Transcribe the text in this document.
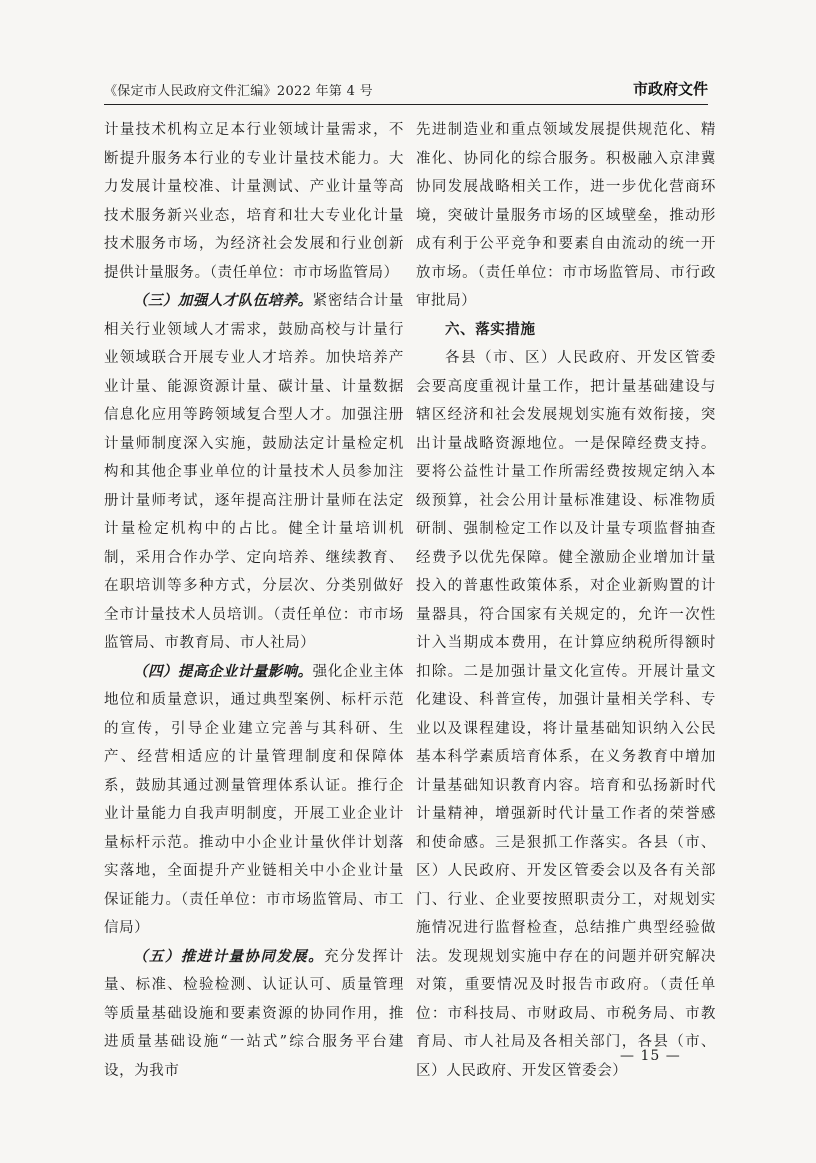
《保定市人民政府文件汇编》2022 年第 4 号	市政府文件

计量技术机构立足本行业领域计量需求，不断提升服务本行业的专业计量技术能力。大力发展计量校准、计量测试、产业计量等高技术服务新兴业态，培育和壮大专业化计量技术服务市场，为经济社会发展和行业创新提供计量服务。（责任单位：市市场监管局）

（三）加强人才队伍培养。紧密结合计量相关行业领域人才需求，鼓励高校与计量行业领域联合开展专业人才培养。加快培养产业计量、能源资源计量、碳计量、计量数据信息化应用等跨领域复合型人才。加强注册计量师制度深入实施，鼓励法定计量检定机构和其他企事业单位的计量技术人员参加注册计量师考试，逐年提高注册计量师在法定计量检定机构中的占比。健全计量培训机制，采用合作办学、定向培养、继续教育、在职培训等多种方式，分层次、分类别做好全市计量技术人员培训。（责任单位：市市场监管局、市教育局、市人社局）

（四）提高企业计量影响。强化企业主体地位和质量意识，通过典型案例、标杆示范的宣传，引导企业建立完善与其科研、生产、经营相适应的计量管理制度和保障体系，鼓励其通过测量管理体系认证。推行企业计量能力自我声明制度，开展工业企业计量标杆示范。推动中小企业计量伙伴计划落实落地，全面提升产业链相关中小企业计量保证能力。（责任单位：市市场监管局、市工信局）

（五）推进计量协同发展。充分发挥计量、标准、检验检测、认证认可、质量管理等质量基础设施和要素资源的协同作用，推进质量基础设施“一站式”综合服务平台建设，为我市

先进制造业和重点领域发展提供规范化、精准化、协同化的综合服务。积极融入京津冀协同发展战略相关工作，进一步优化营商环境，突破计量服务市场的区域壁垒，推动形成有利于公平竞争和要素自由流动的统一开放市场。（责任单位：市市场监管局、市行政审批局）

六、落实措施

各县（市、区）人民政府、开发区管委会要高度重视计量工作，把计量基础建设与辖区经济和社会发展规划实施有效衔接，突出计量战略资源地位。一是保障经费支持。要将公益性计量工作所需经费按规定纳入本级预算，社会公用计量标准建设、标准物质研制、强制检定工作以及计量专项监督抽查经费予以优先保障。健全激励企业增加计量投入的普惠性政策体系，对企业新购置的计量器具，符合国家有关规定的，允许一次性计入当期成本费用，在计算应纳税所得额时扣除。二是加强计量文化宣传。开展计量文化建设、科普宣传，加强计量相关学科、专业以及课程建设，将计量基础知识纳入公民基本科学素质培育体系，在义务教育中增加计量基础知识教育内容。培育和弘扬新时代计量精神，增强新时代计量工作者的荣誉感和使命感。三是狠抓工作落实。各县（市、区）人民政府、开发区管委会以及各有关部门、行业、企业要按照职责分工，对规划实施情况进行监督检查，总结推广典型经验做法。发现规划实施中存在的问题并研究解决对策，重要情况及时报告市政府。（责任单位：市科技局、市财政局、市税务局、市教育局、市人社局及各相关部门，各县（市、区）人民政府、开发区管委会）

— 15 —
